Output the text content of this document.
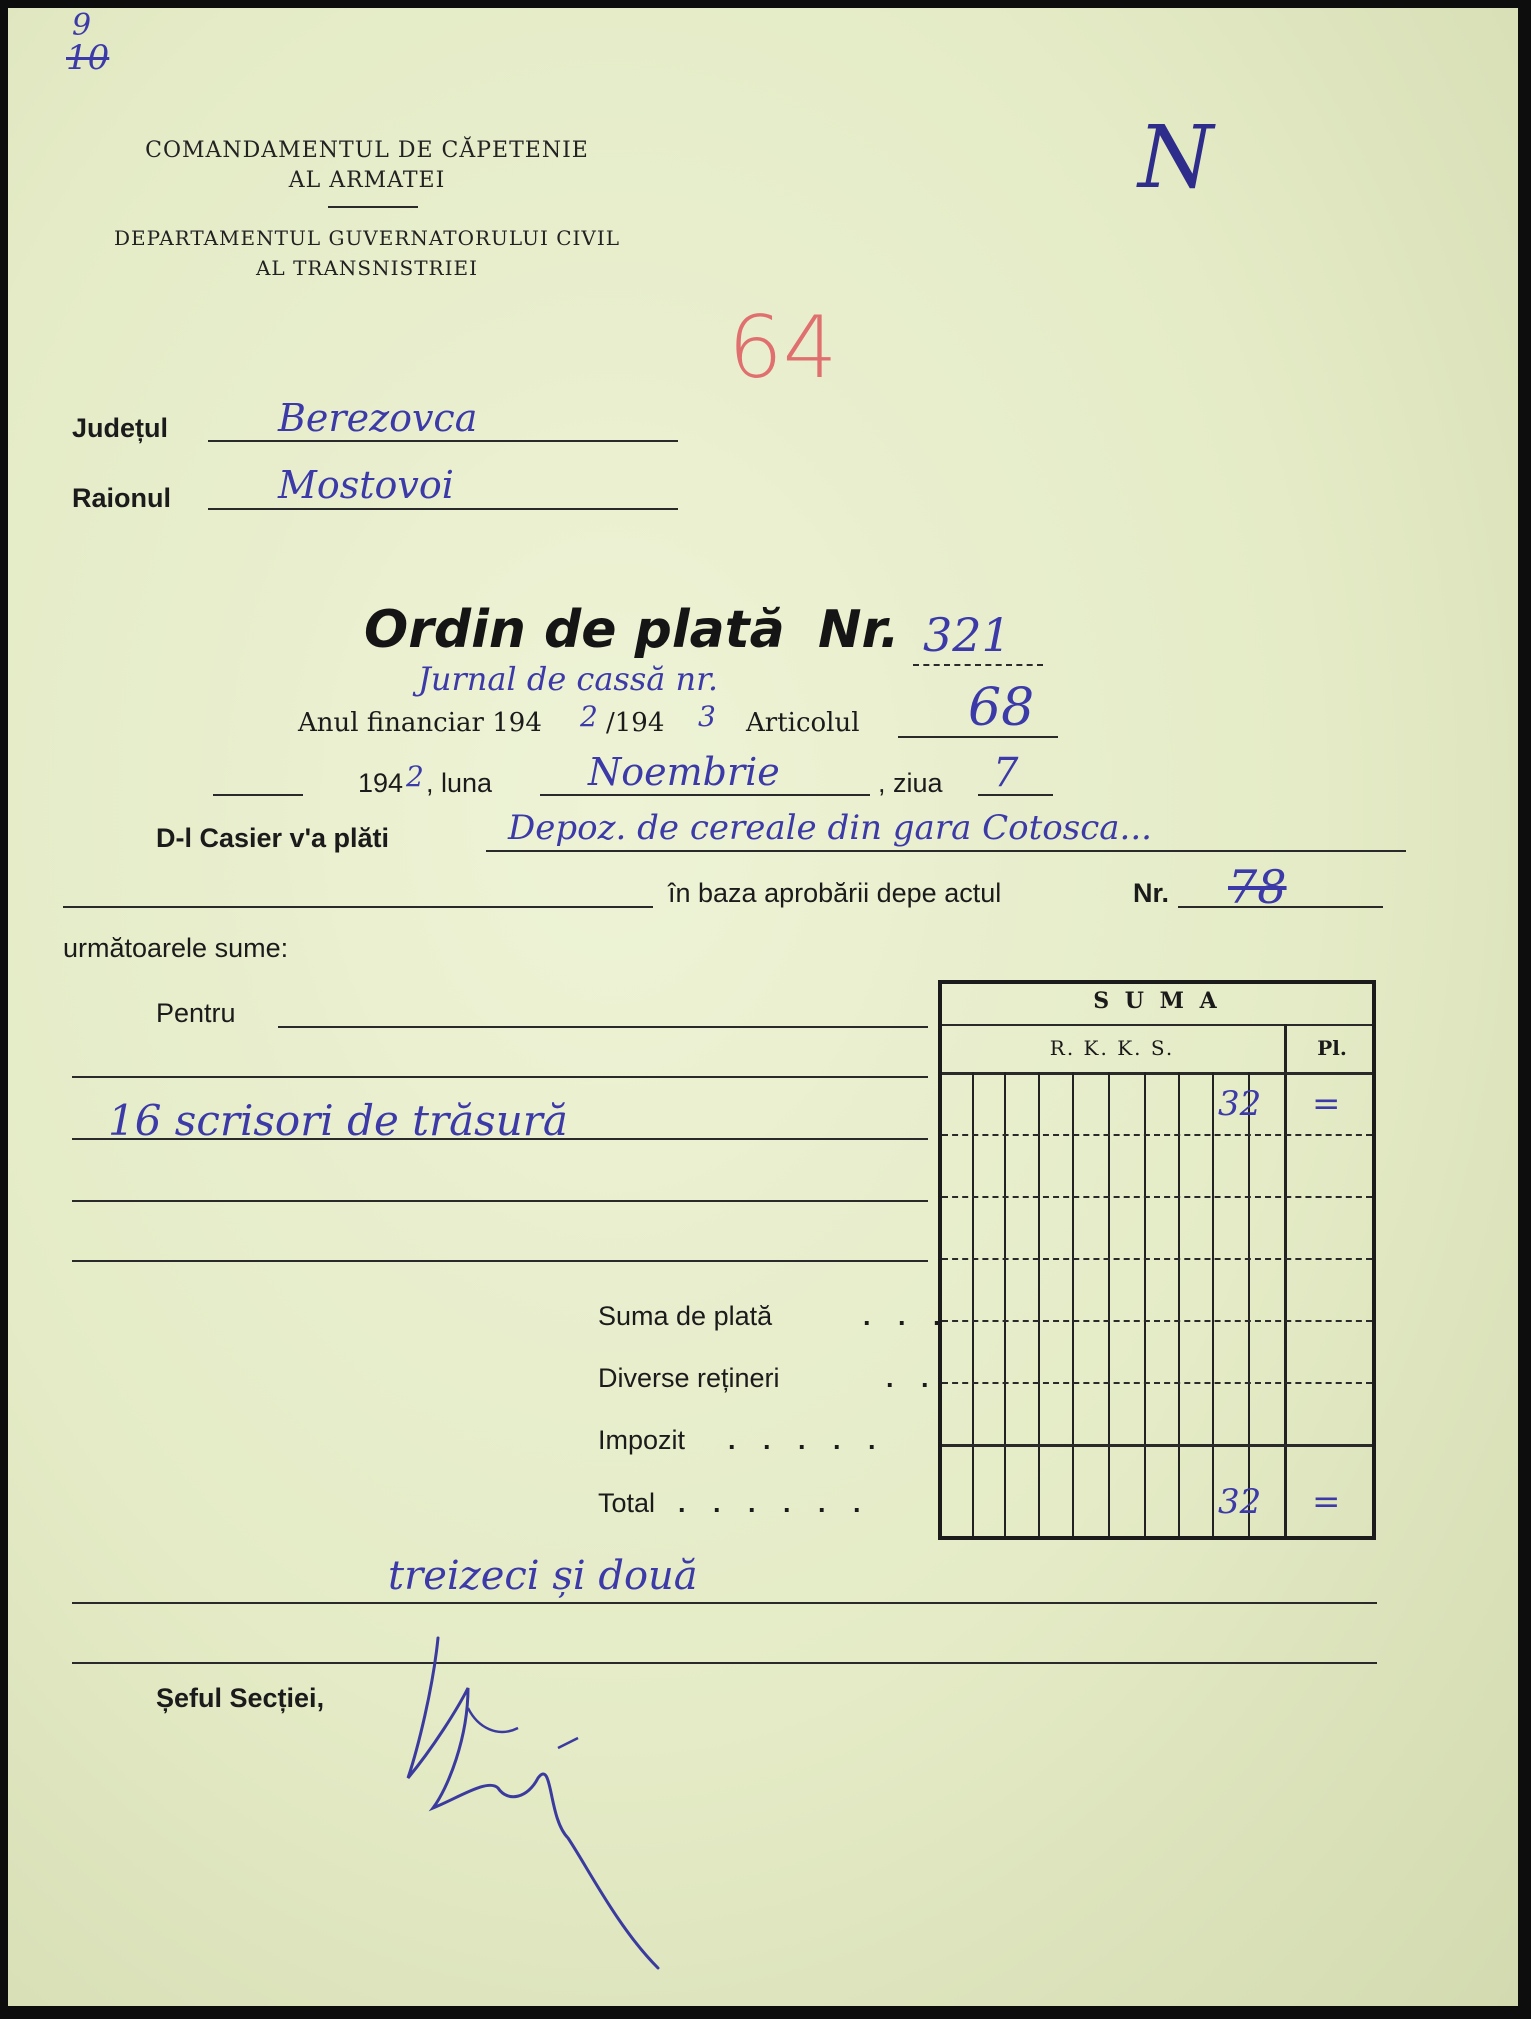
9
10
COMANDAMENTUL DE CĂPETENIE
AL ARMATEI
DEPARTAMENTUL GUVERNATORULUI CIVIL
AL TRANSNISTRIEI
N
64
Județul	Berezovca
Raionul	Mostovoi
Ordin de plată Nr. 321
Jurnal de cassă nr.
Anul financiar 194 2 /194 3 Articolul 68
194 2 , luna	Noembrie	, ziua 7
D-l Casier v'a plăti	Depoz. de cereale din gara Cotosca...
în baza aprobării depe actul	Nr. 78
următoarele sume:
Pentru
16 scrisori de trăsură
Suma de plată	. . .
Diverse rețineri	. .
Impozit . . . . .
Total . . . . . .
S U M A
R. K. K. S.	Pl.
32 =
32 =
treizeci și două
Șeful Secției,
